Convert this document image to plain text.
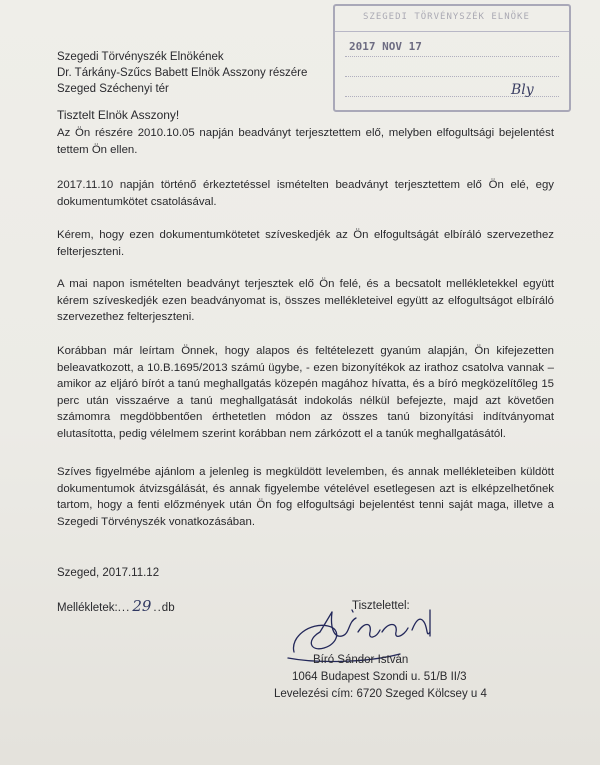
SZEGEDI TÖRVÉNYSZÉK ELNÖKE
2017 NOV 17
Bly
Szegedi Törvényszék Elnökének
Dr. Tárkány-Szűcs Babett Elnök Asszony részére
Szeged Széchenyi tér
Tisztelt Elnök Asszony!

Az Ön részére 2010.10.05 napján beadványt terjesztettem elő, melyben elfogultsági bejelentést tettem Ön ellen.

2017.11.10 napján történő érkeztetéssel ismételten beadványt terjesztettem elő Ön elé, egy dokumentumkötet csatolásával.

Kérem, hogy ezen dokumentumkötetet szíveskedjék az Ön elfogultságát elbíráló szervezethez felterjeszteni.

A mai napon ismételten beadványt terjesztek elő Ön felé, és a becsatolt mellékletekkel együtt kérem szíveskedjék ezen beadványomat is, összes mellékleteivel együtt az elfogultságot elbíráló szervezethez felterjeszteni.

Korábban már leírtam Önnek, hogy alapos és feltételezett gyanúm alapján, Ön kifejezetten beleavatkozott, a 10.B.1695/2013 számú ügybe, - ezen bizonyítékok az irathoz csatolva vannak – amikor az eljáró bírót a tanú meghallgatás közepén magához hívatta, és a bíró megközelítőleg 15 perc után visszaérve a tanú meghallgatását indokolás nélkül befejezte, majd azt követően számomra megdöbbentően érthetetlen módon az összes tanú bizonyítási indítványomat elutasította, pedig vélelmem szerint korábban nem zárkózott el a tanúk meghallgatásától.

Szíves figyelmébe ajánlom a jelenleg is megküldött levelemben, és annak mellékleteiben küldött dokumentumok átvizsgálását, és annak figyelembe vételével esetlegesen azt is elképzelhetőnek tartom, hogy a fenti előzmények után Ön fog elfogultsági bejelentést tenni saját maga, illetve a Szegedi Törvényszék vonatkozásában.

Szeged, 2017.11.12
Mellékletek:... 29 ..db	Tisztelettel:
Bíró Sándor István
1064 Budapest Szondi u. 51/B II/3
Levelezési cím: 6720 Szeged Kölcsey u 4
